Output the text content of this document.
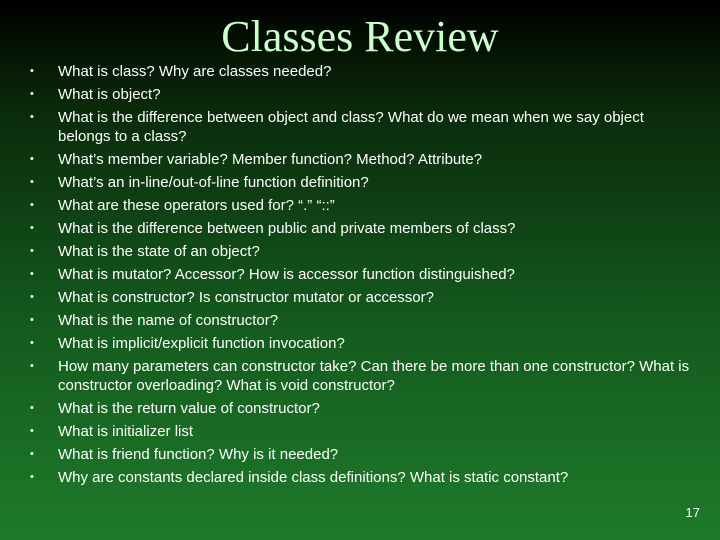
Classes Review
• What is class? Why are classes needed?
• What is object?
• What is the difference between object and class? What do we mean when we say object belongs to a class?
• What’s member variable? Member function? Method? Attribute?
• What’s an in-line/out-of-line function definition?
• What are these operators used for? “.” “::”
• What is the difference between public and private members of class?
• What is the state of an object?
• What is mutator? Accessor? How is accessor function distinguished?
• What is constructor? Is constructor mutator or accessor?
• What is the name of constructor?
• What is implicit/explicit function invocation?
• How many parameters can constructor take? Can there be more than one constructor? What is constructor overloading? What is void constructor?
• What is the return value of constructor?
• What is initializer list
• What is friend function? Why is it needed?
• Why are constants declared inside class definitions? What is static constant?
17
